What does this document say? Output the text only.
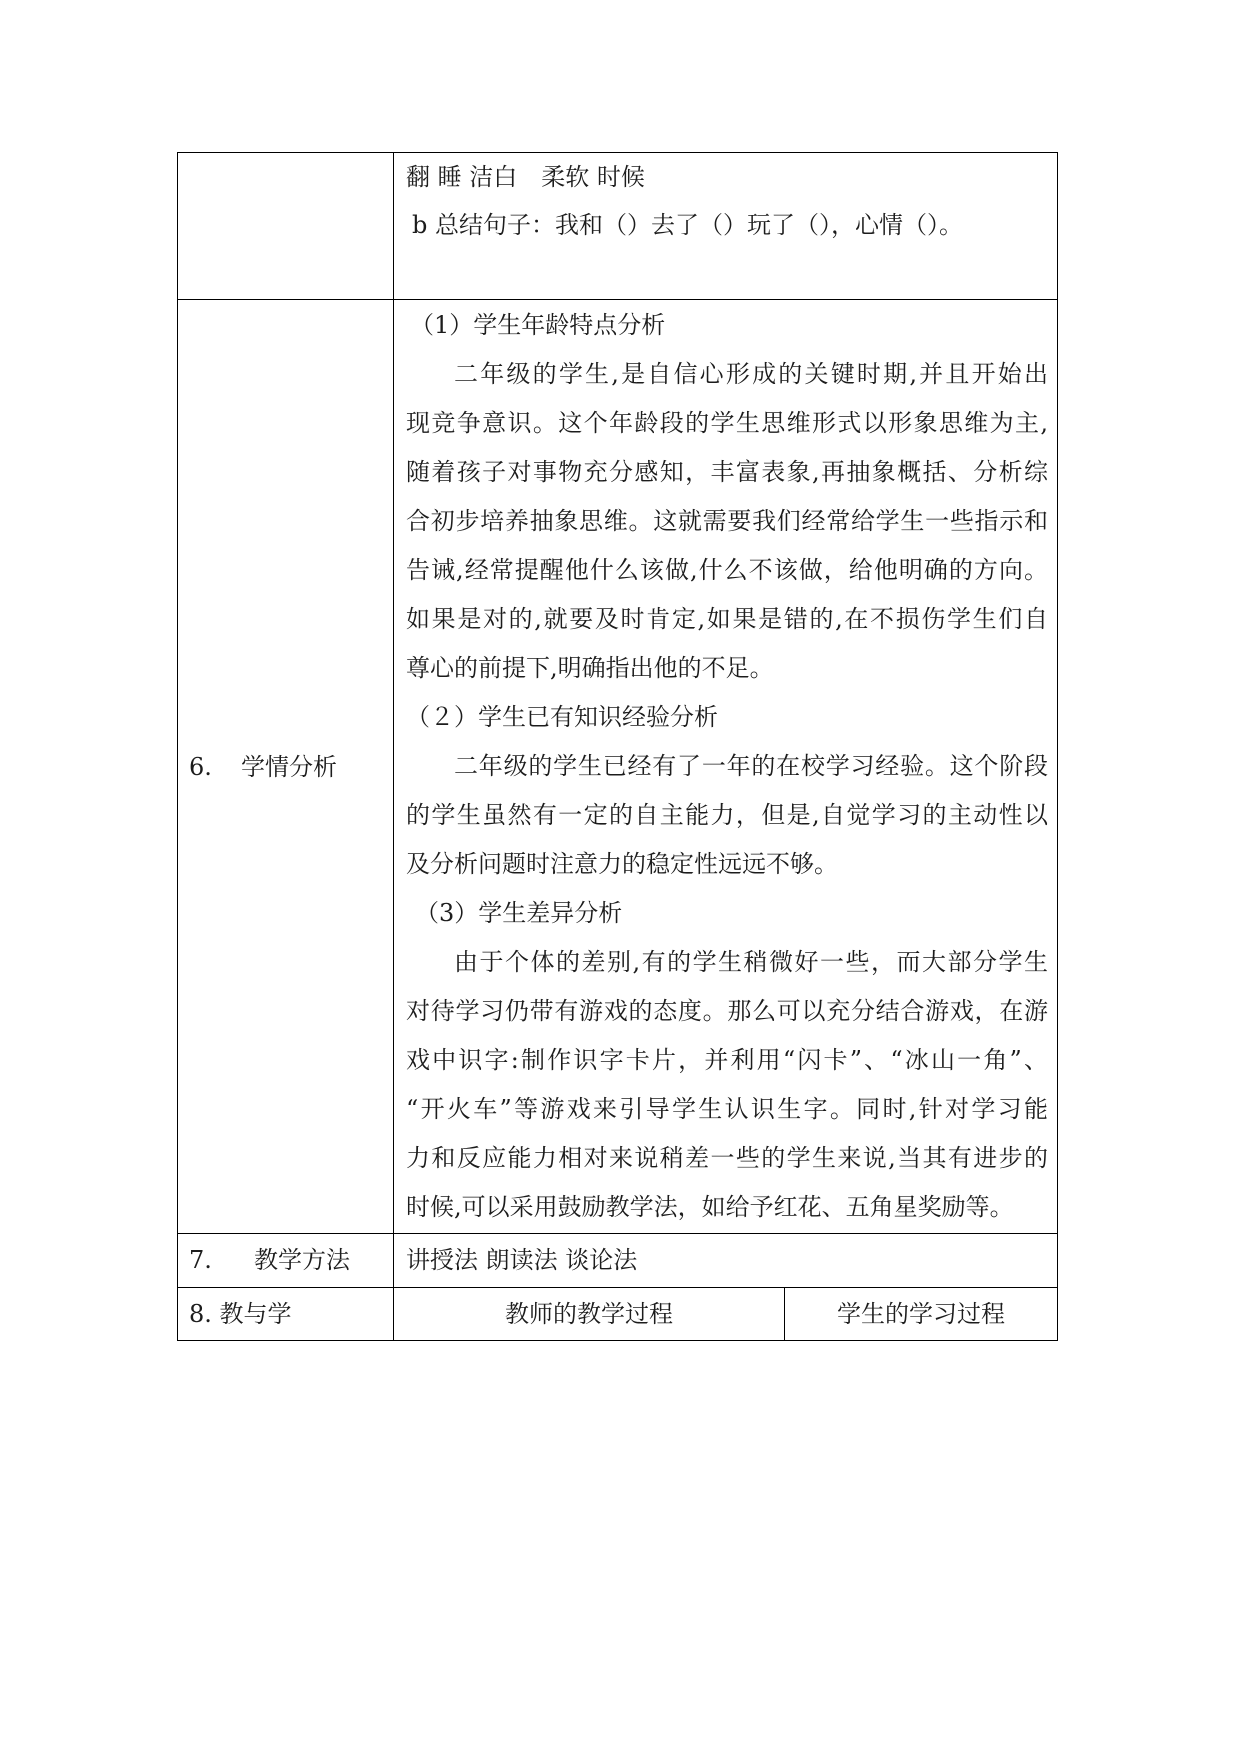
翻 睡 洁白　柔软 时候
b 总结句子：我和（）去了（）玩了（），心情（）。
6. 学情分析
（1）学生年龄特点分析
二年级的学生,是自信心形成的关键时期,并且开始出
现竞争意识。这个年龄段的学生思维形式以形象思维为主,
随着孩子对事物充分感知，丰富表象,再抽象概括、分析综
合初步培养抽象思维。这就需要我们经常给学生一些指示和
告诫,经常提醒他什么该做,什么不该做，给他明确的方向。
如果是对的,就要及时肯定,如果是错的,在不损伤学生们自
尊心的前提下,明确指出他的不足。
（２）学生已有知识经验分析
二年级的学生已经有了一年的在校学习经验。这个阶段
的学生虽然有一定的自主能力，但是,自觉学习的主动性以
及分析问题时注意力的稳定性远远不够。
（3）学生差异分析
由于个体的差别,有的学生稍微好一些，而大部分学生
对待学习仍带有游戏的态度。那么可以充分结合游戏，在游
戏中识字:制作识字卡片，并利用“闪卡”、“冰山一角”、
“开火车”等游戏来引导学生认识生字。同时,针对学习能
力和反应能力相对来说稍差一些的学生来说,当其有进步的
时候,可以采用鼓励教学法，如给予红花、五角星奖励等。
7. 教学方法 讲授法 朗读法 谈论法
8. 教与学	教师的教学过程	学生的学习过程
